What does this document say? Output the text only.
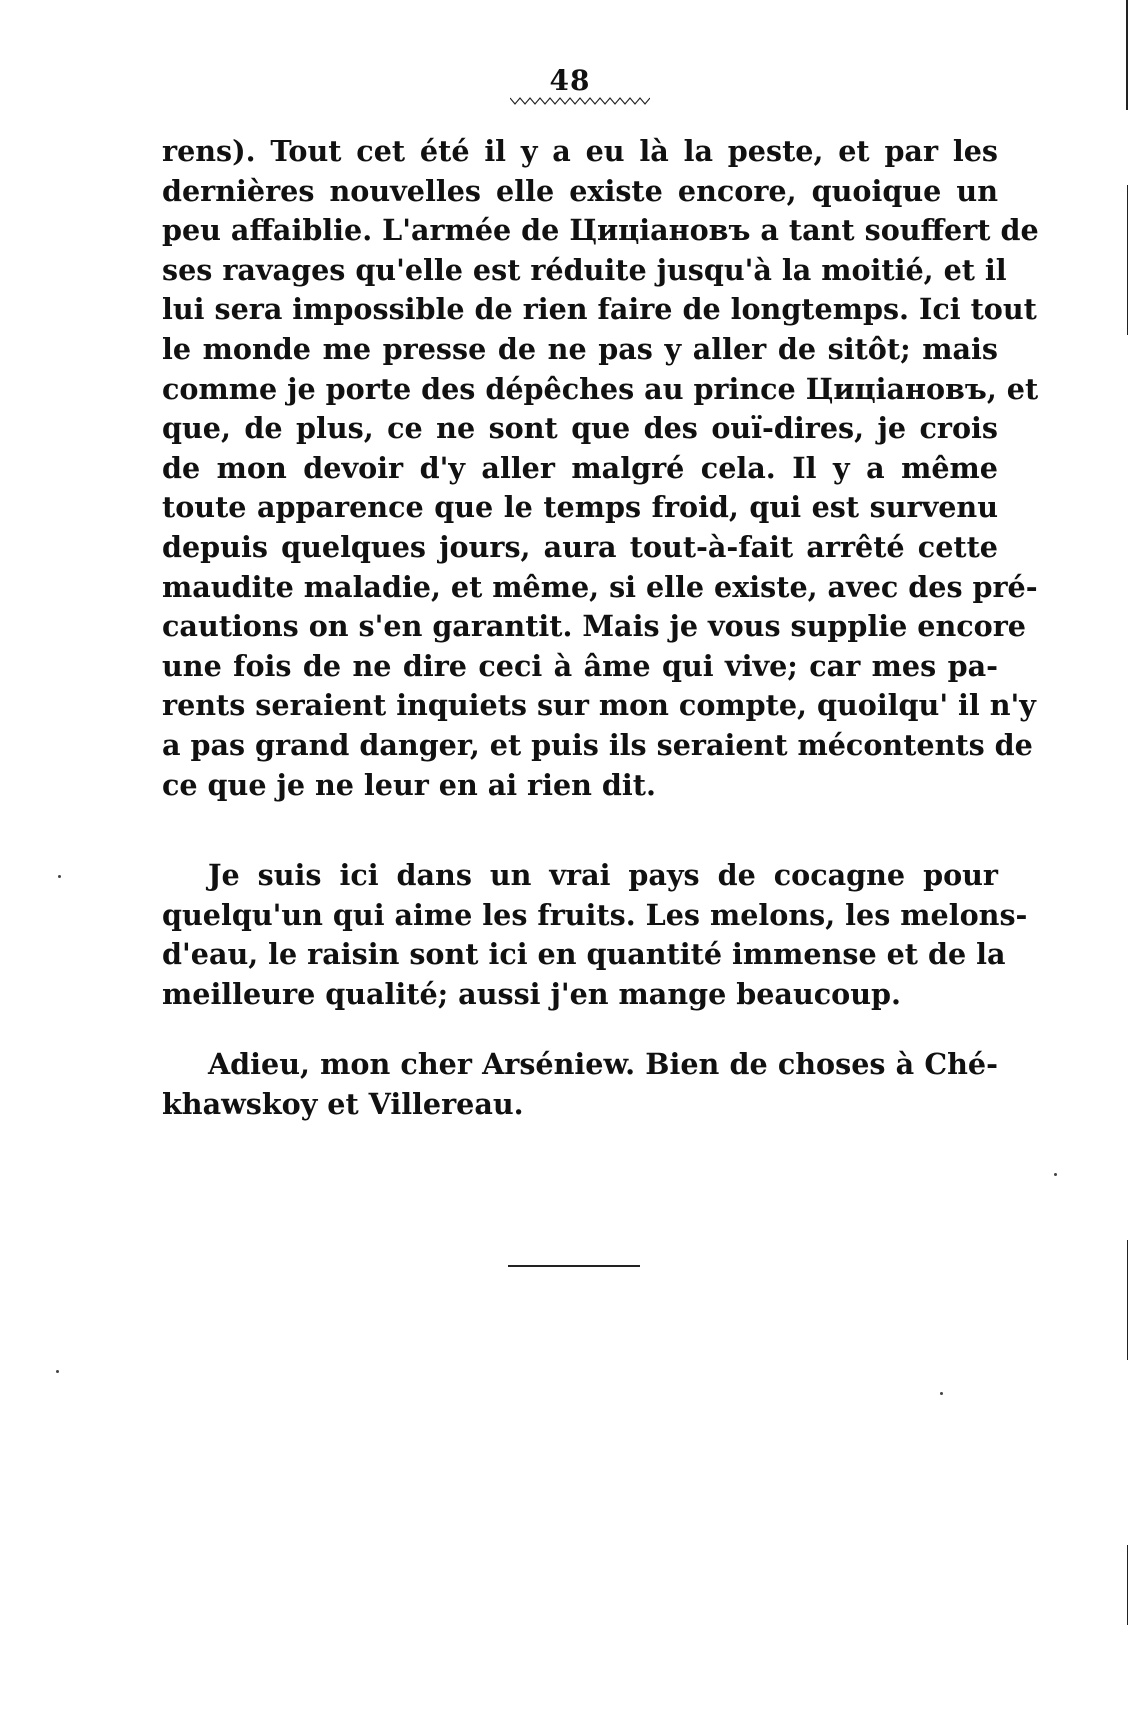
48
rens). Tout cet été il y a eu là la peste, et par les
dernières nouvelles elle existe encore, quoique un
peu affaiblie. L'armée de Цицiановъ a tant souffert de
ses ravages qu'elle est réduite jusqu'à la moitié, et il
lui sera impossible de rien faire de longtemps. Ici tout
le monde me presse de ne pas y aller de sitôt; mais
comme je porte des dépêches au prince Цицiановъ, et
que, de plus, ce ne sont que des ouï-dires, je crois
de mon devoir d'y aller malgré cela. Il y a même
toute apparence que le temps froid, qui est survenu
depuis quelques jours, aura tout-à-fait arrêté cette
maudite maladie, et même, si elle existe, avec des pré-
cautions on s'en garantit. Mais je vous supplie encore
une fois de ne dire ceci à âme qui vive; car mes pa-
rents seraient inquiets sur mon compte, quoilqu' il n'y
a pas grand danger, et puis ils seraient mécontents de
ce que je ne leur en ai rien dit.
Je suis ici dans un vrai pays de cocagne pour
quelqu'un qui aime les fruits. Les melons, les melons-
d'eau, le raisin sont ici en quantité immense et de la
meilleure qualité; aussi j'en mange beaucoup.
Adieu, mon cher Arséniew. Bien de choses à Ché-
khawskoy et Villereau.
